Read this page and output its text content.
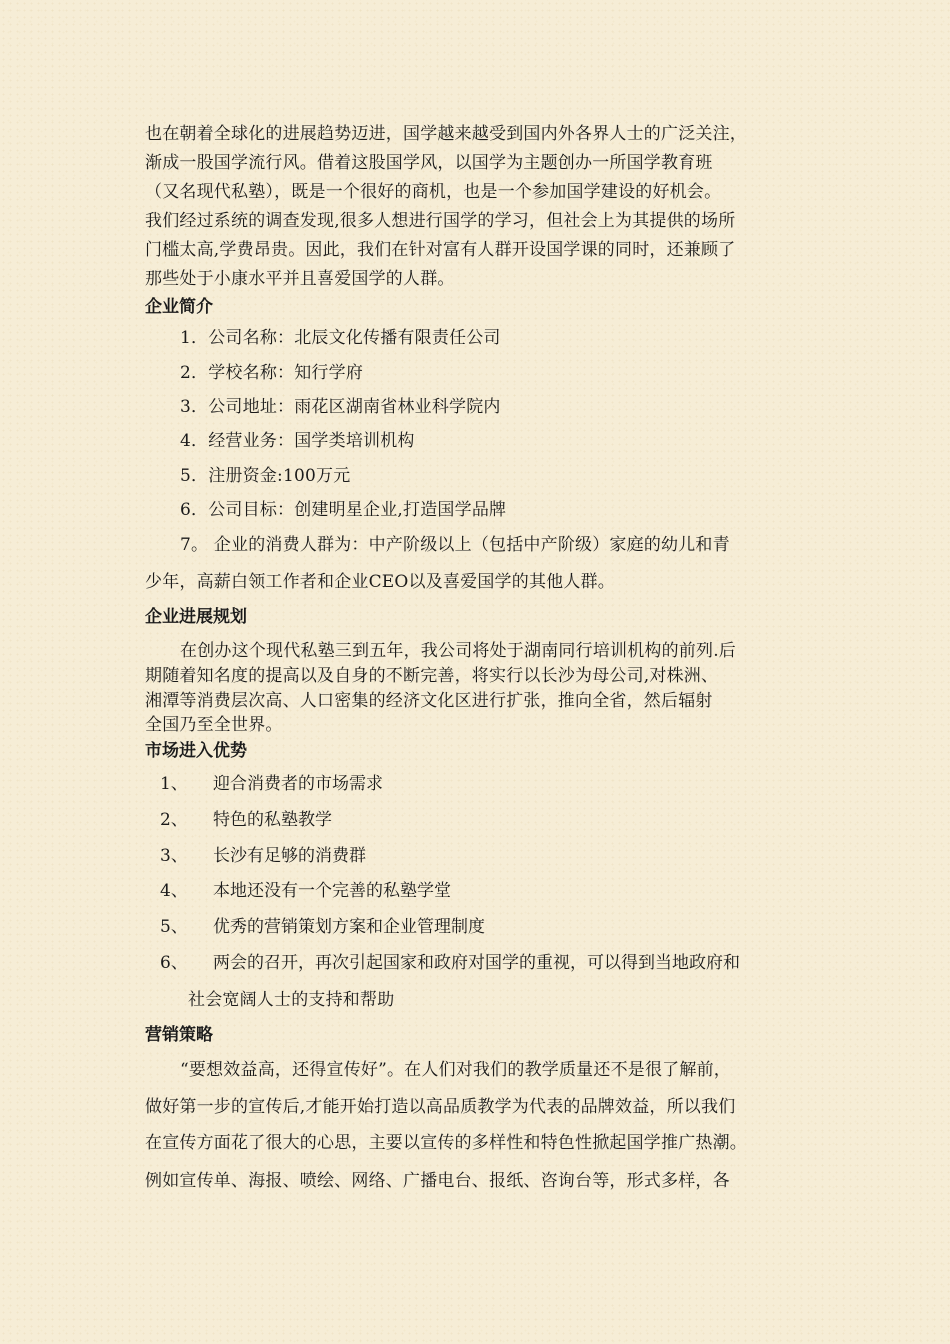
也在朝着全球化的进展趋势迈进，国学越来越受到国内外各界人士的广泛关注，
渐成一股国学流行风。借着这股国学风，以国学为主题创办一所国学教育班
（又名现代私塾），既是一个很好的商机，也是一个参加国学建设的好机会。
我们经过系统的调查发现,很多人想进行国学的学习，但社会上为其提供的场所
门槛太高,学费昂贵。因此，我们在针对富有人群开设国学课的同时，还兼顾了
那些处于小康水平并且喜爱国学的人群。
企业简介
1．公司名称：北辰文化传播有限责任公司
2．学校名称：知行学府
3．公司地址：雨花区湖南省林业科学院内
4．经营业务：国学类培训机构
5．注册资金:100万元
6．公司目标：创建明星企业,打造国学品牌
7。 企业的消费人群为：中产阶级以上（包括中产阶级）家庭的幼儿和青
少年，高薪白领工作者和企业CEO以及喜爱国学的其他人群。
企业进展规划
在创办这个现代私塾三到五年，我公司将处于湖南同行培训机构的前列.后
期随着知名度的提高以及自身的不断完善，将实行以长沙为母公司,对株洲、
湘潭等消费层次高、人口密集的经济文化区进行扩张，推向全省，然后辐射
全国乃至全世界。
市场进入优势
1、 迎合消费者的市场需求
2、 特色的私塾教学
3、 长沙有足够的消费群
4、 本地还没有一个完善的私塾学堂
5、 优秀的营销策划方案和企业管理制度
6、 两会的召开，再次引起国家和政府对国学的重视，可以得到当地政府和
社会宽阔人士的支持和帮助
营销策略
“要想效益高，还得宣传好”。在人们对我们的教学质量还不是很了解前，
做好第一步的宣传后,才能开始打造以高品质教学为代表的品牌效益，所以我们
在宣传方面花了很大的心思，主要以宣传的多样性和特色性掀起国学推广热潮。
例如宣传单、海报、喷绘、网络、广播电台、报纸、咨询台等，形式多样，各
